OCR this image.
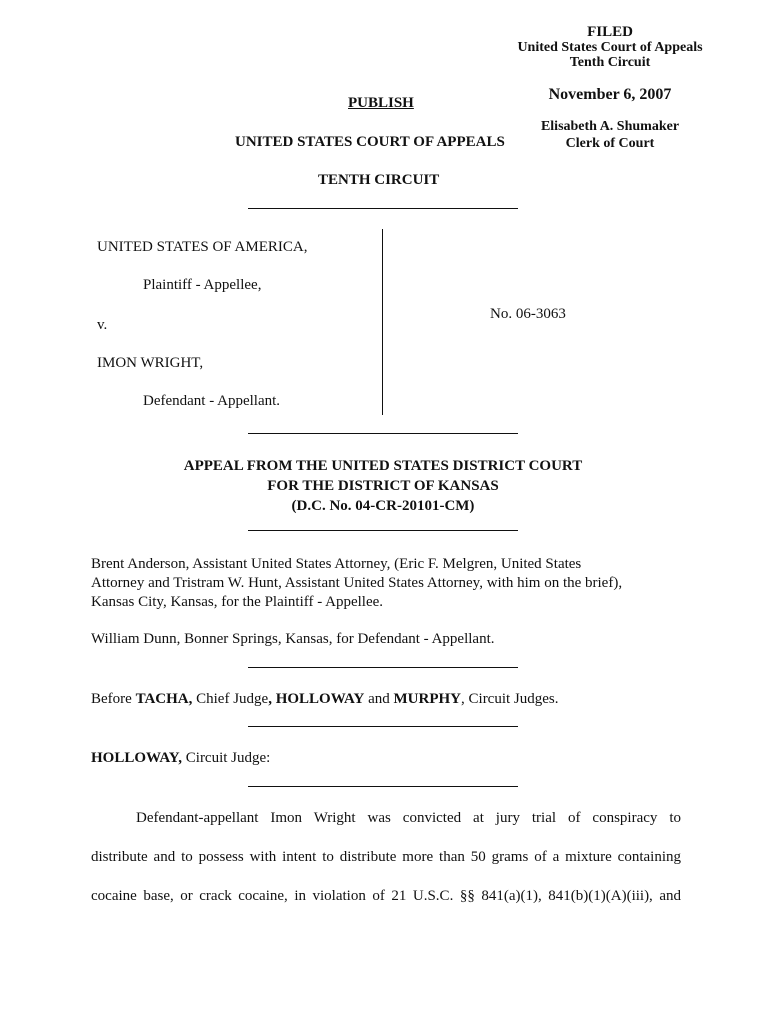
FILED
United States Court of Appeals
Tenth Circuit
November 6, 2007
Elisabeth A. Shumaker
Clerk of Court
PUBLISH
UNITED STATES COURT OF APPEALS
TENTH CIRCUIT
UNITED STATES OF AMERICA,
Plaintiff - Appellee,
v.
IMON WRIGHT,
Defendant - Appellant.
No. 06-3063
APPEAL FROM THE UNITED STATES DISTRICT COURT
FOR THE DISTRICT OF KANSAS
(D.C. No. 04-CR-20101-CM)
Brent Anderson, Assistant United States Attorney, (Eric F. Melgren, United States
Attorney and Tristram W. Hunt, Assistant United States Attorney, with him on the brief),
Kansas City, Kansas, for the Plaintiff - Appellee.
William Dunn, Bonner Springs, Kansas, for Defendant - Appellant.
Before TACHA, Chief Judge, HOLLOWAY and MURPHY, Circuit Judges.
HOLLOWAY, Circuit Judge:
Defendant-appellant Imon Wright was convicted at jury trial of conspiracy to
distribute and to possess with intent to distribute more than 50 grams of a mixture containing
cocaine base, or crack cocaine, in violation of 21 U.S.C. §§ 841(a)(1), 841(b)(1)(A)(iii), and
